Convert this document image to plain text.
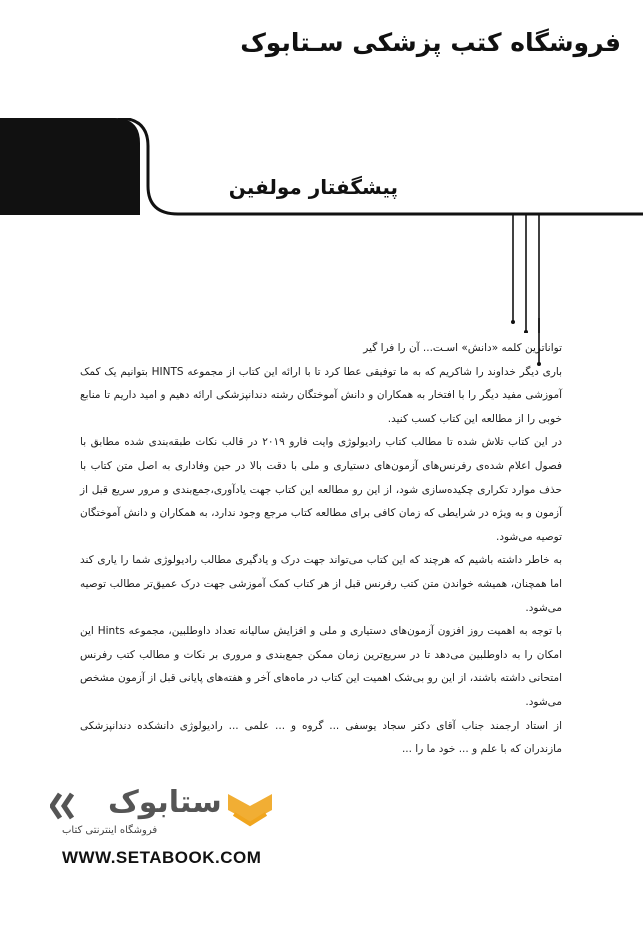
فروشگاه کتب پزشکی سـتابوک
پیشگفتار مولفین

تواناترین کلمه «دانش» اسـت... آن را فرا گیر

باری دیگر خداوند را شاکریم که به ما توفیقی عطا کرد تا با ارائه این کتاب از مجموعه HINTS بتوانیم یک کمک آموزشی مفید دیگر را با افتخار به همکاران و دانش آموختگان رشته دندانپزشکی ارائه دهیم و امید داریم تا منابع خوبی را از مطالعه این کتاب کسب کنید.

در این کتاب تلاش شده تا مطالب کتاب رادیولوژی وایت فارو ۲۰۱۹ در قالب نکات طبقه‌بندی شده مطابق با فصول اعلام شده‌ی رفرنس‌های آزمون‌های دستیاری و ملی با دقت بالا در حین وفاداری به اصل متن کتاب با حذف موارد تکراری چکیده‌سازی شود، از این رو مطالعه این کتاب جهت یادآوری،جمع‌بندی و مرور سریع قبل از آزمون و به ویژه در شرایطی که زمان کافی برای مطالعه کتاب مرجع وجود ندارد، به همکاران و دانش آموختگان توصیه می‌شود.

به خاطر داشته باشیم که هرچند که این کتاب می‌تواند جهت درک و یادگیری مطالب رادیولوژی شما را یاری کند اما همچنان، همیشه خواندن متن کتب رفرنس قبل از هر کتاب کمک آموزشی جهت درک عمیق‌تر مطالب توصیه می‌شود.

با توجه به اهمیت روز افزون آزمون‌های دستیاری و ملی و افزایش سالیانه تعداد داوطلبین، مجموعه Hints این امکان را به داوطلبین می‌دهد تا در سریع‌ترین زمان ممکن جمع‌بندی و مروری بر نکات و مطالب کتب رفرنس امتحانی داشته باشند، از این رو بی‌شک اهمیت این کتاب در ماه‌های آخر و هفته‌های پایانی قبل از آزمون مشخص می‌شود.

از استاد ارجمند جناب آقای دکتر سجاد یوسفی ... گروه و ... علمی ... رادیولوژی دانشکده دندانپزشکی مازندران که با علم و ... خود ما را ...

ستابوک
فروشگاه اینترنتی کتاب
WWW.SETABOOK.COM
